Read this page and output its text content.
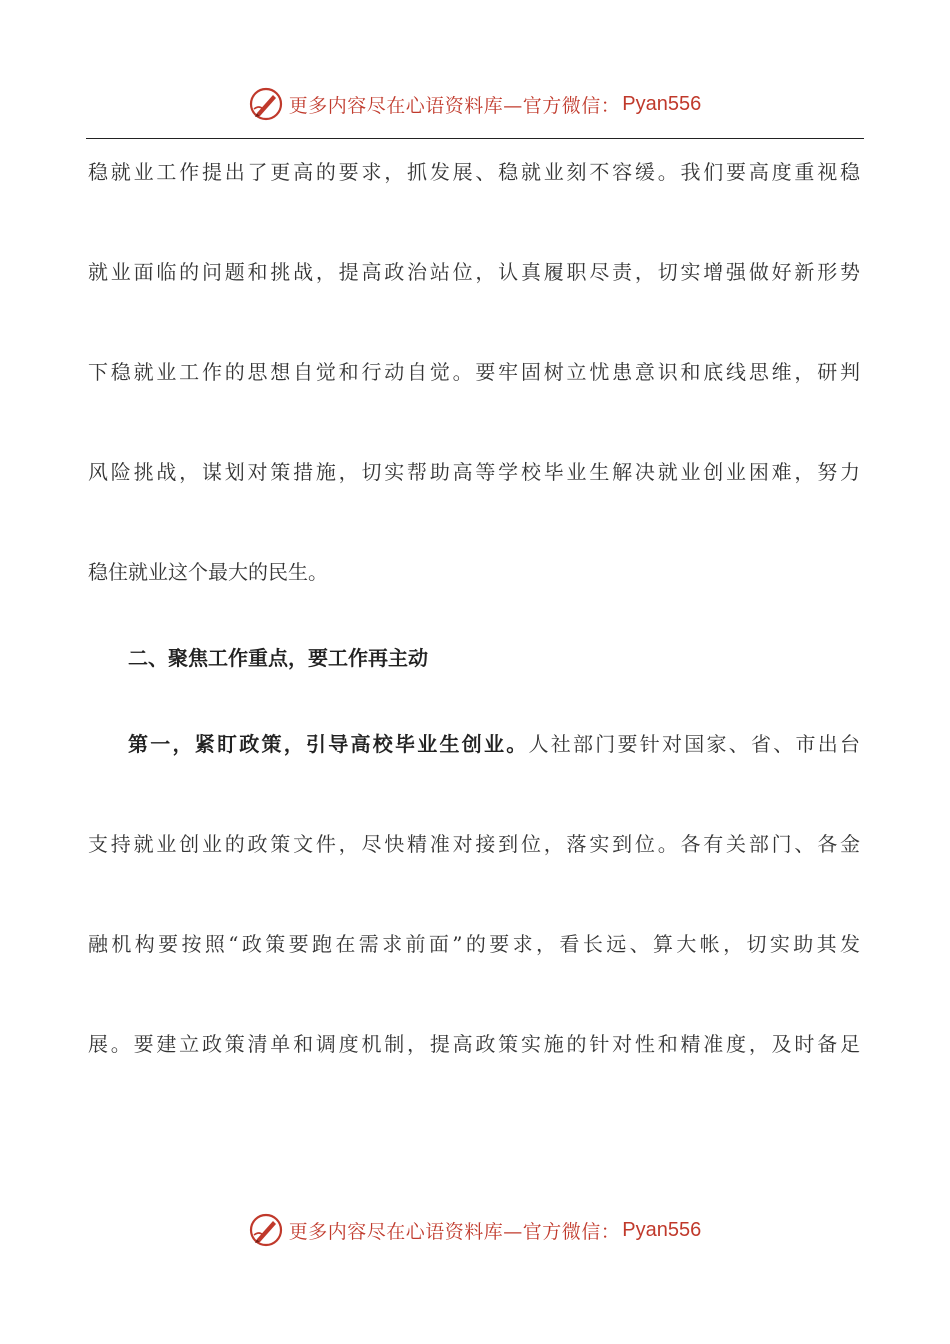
更多内容尽在心语资料库—官方微信： Pyan556
稳就业工作提出了更高的要求，抓发展、稳就业刻不容缓。我们要高度重视稳
就业面临的问题和挑战，提高政治站位，认真履职尽责，切实增强做好新形势
下稳就业工作的思想自觉和行动自觉。要牢固树立忧患意识和底线思维，研判
风险挑战，谋划对策措施，切实帮助高等学校毕业生解决就业创业困难，努力
稳住就业这个最大的民生。
二、聚焦工作重点，要工作再主动
第一，紧盯政策，引导高校毕业生创业。人社部门要针对国家、省、市出台
支持就业创业的政策文件，尽快精准对接到位，落实到位。各有关部门、各金
融机构要按照“政策要跑在需求前面”的要求，看长远、算大帐，切实助其发
展。要建立政策清单和调度机制，提高政策实施的针对性和精准度，及时备足
更多内容尽在心语资料库—官方微信： Pyan556
